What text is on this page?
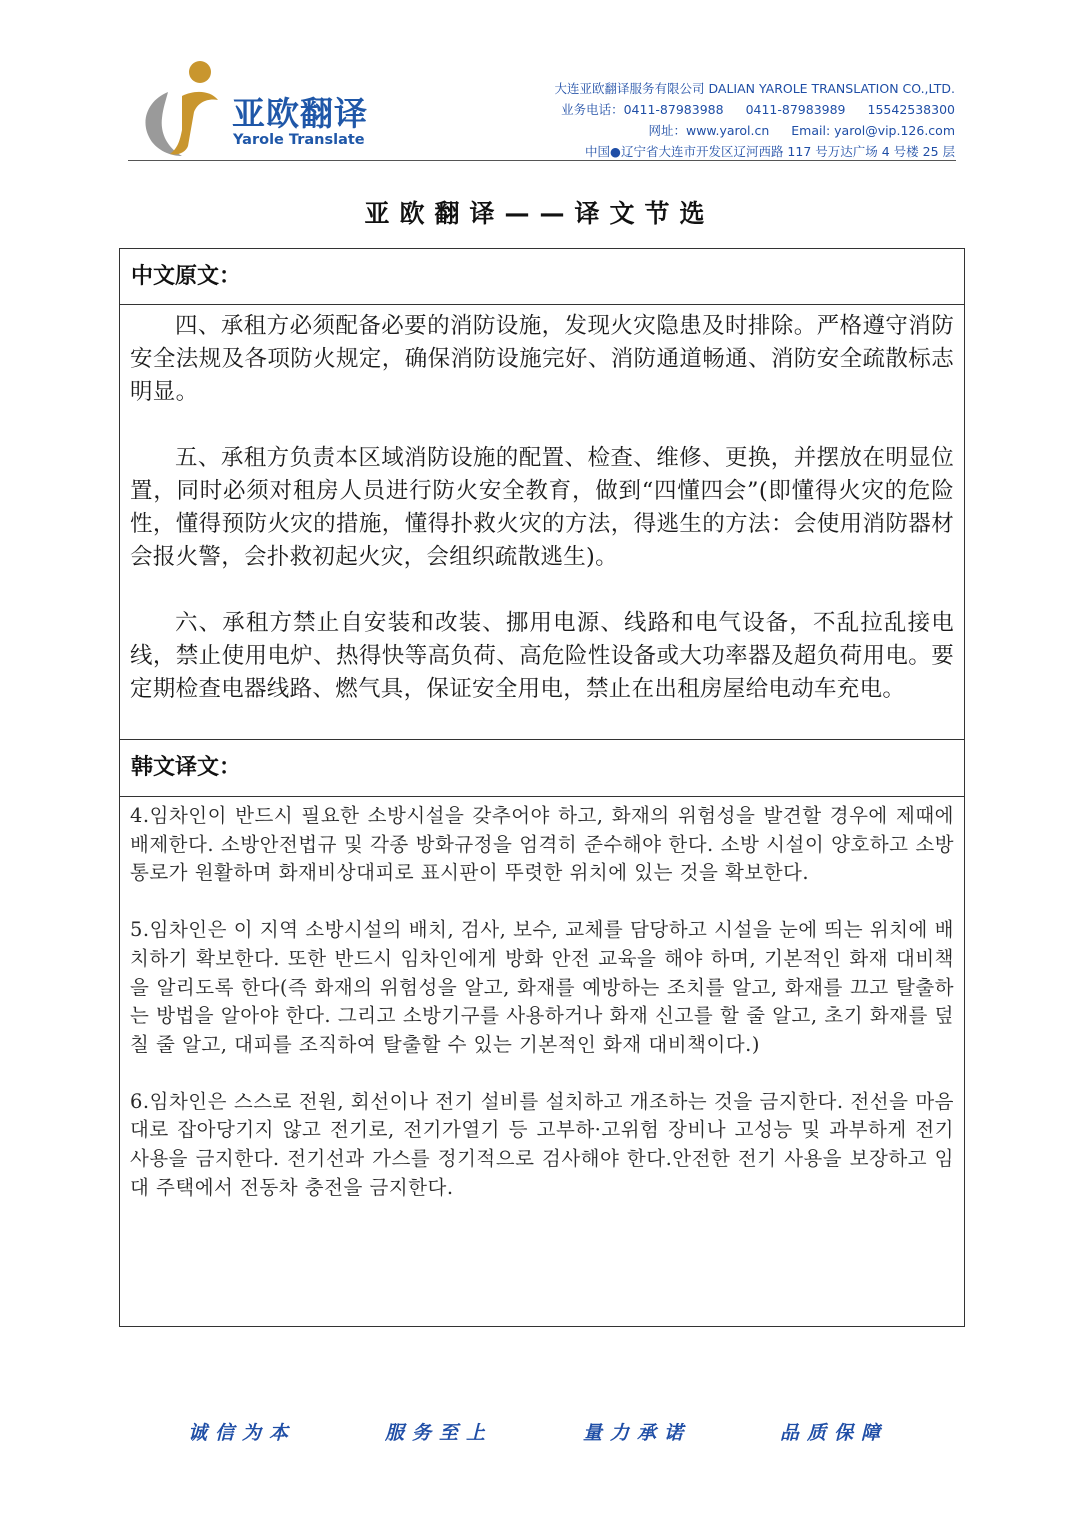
亚欧翻译
Yarole Translate
大连亚欧翻译服务有限公司 DALIAN YAROLE TRANSLATION CO.,LTD.
业务电话：0411-87983988 0411-87983989 15542538300
网址：www.yarol.cn Email: yarol@vip.126.com
中国●辽宁省大连市开发区辽河西路 117 号万达广场 4 号楼 25 层
亚欧翻译——译文节选
中文原文：

四、承租方必须配备必要的消防设施，发现火灾隐患及时排除。严格遵守消防安全法规及各项防火规定，确保消防设施完好、消防通道畅通、消防安全疏散标志明显。

五、承租方负责本区域消防设施的配置、检查、维修、更换，并摆放在明显位置，同时必须对租房人员进行防火安全教育，做到“四懂四会”(即懂得火灾的危险性，懂得预防火灾的措施，懂得扑救火灾的方法，得逃生的方法：会使用消防器材会报火警，会扑救初起火灾，会组织疏散逃生)。

六、承租方禁止自安装和改装、挪用电源、线路和电气设备，不乱拉乱接电线，禁止使用电炉、热得快等高负荷、高危险性设备或大功率器及超负荷用电。要定期检查电器线路、燃气具，保证安全用电，禁止在出租房屋给电动车充电。

韩文译文：

4.임차인이 반드시 필요한 소방시설을 갖추어야 하고, 화재의 위험성을 발견할 경우에 제때에 배제한다. 소방안전법규 및 각종 방화규정을 엄격히 준수해야 한다. 소방 시설이 양호하고 소방 통로가 원활하며 화재비상대피로 표시판이 뚜렷한 위치에 있는 것을 확보한다.

5.임차인은 이 지역 소방시설의 배치, 검사, 보수, 교체를 담당하고 시설을 눈에 띄는 위치에 배치하기 확보한다. 또한 반드시 임차인에게 방화 안전 교육을 해야 하며, 기본적인 화재 대비책을 알리도록 한다(즉 화재의 위험성을 알고, 화재를 예방하는 조치를 알고, 화재를 끄고 탈출하는 방법을 알아야 한다. 그리고 소방기구를 사용하거나 화재 신고를 할 줄 알고, 초기 화재를 덮칠 줄 알고, 대피를 조직하여 탈출할 수 있는 기본적인 화재 대비책이다.)

6.임차인은 스스로 전원, 회선이나 전기 설비를 설치하고 개조하는 것을 금지한다. 전선을 마음대로 잡아당기지 않고 전기로, 전기가열기 등 고부하·고위험 장비나 고성능 및 과부하게 전기 사용을 금지한다. 전기선과 가스를 정기적으로 검사해야 한다.안전한 전기 사용을 보장하고 임대 주택에서 전동차 충전을 금지한다.

诚信为本	服务至上	量力承诺	品质保障
